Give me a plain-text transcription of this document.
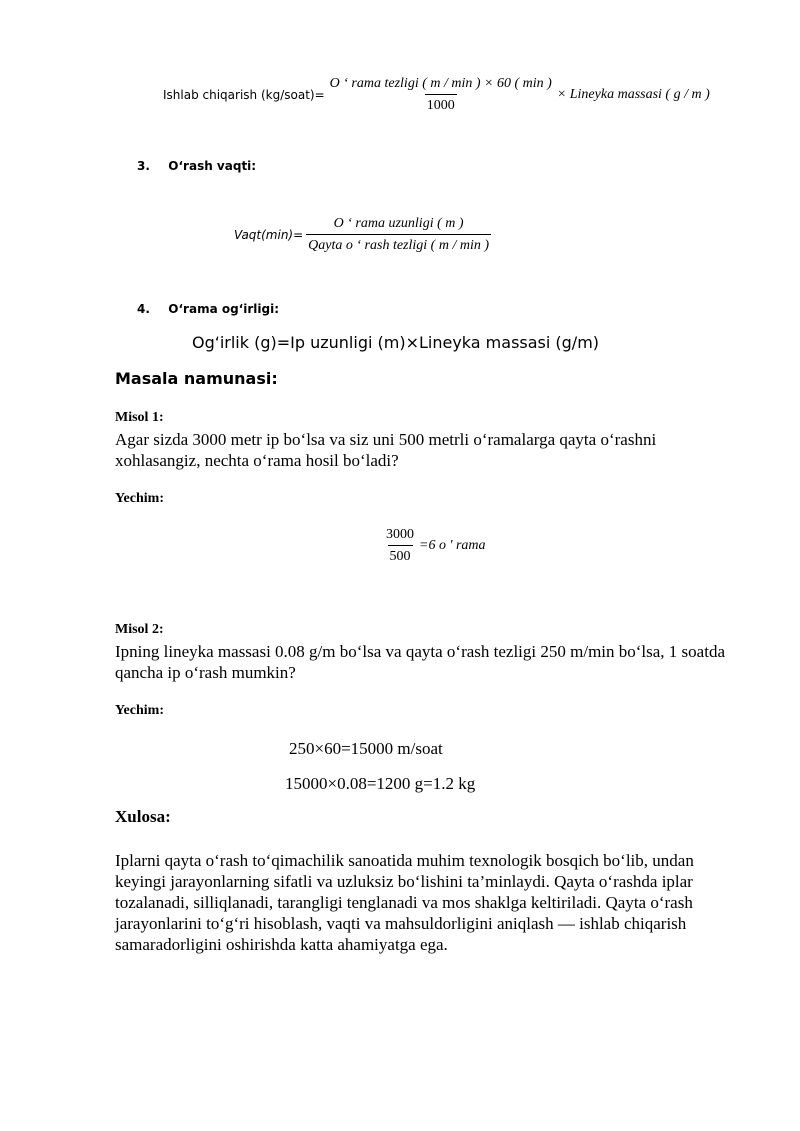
Ishlab chiqarish (kg/soat)= $\frac{\text{O ‘ rama tezligi ( m / min ) × 60 ( min )}}{1000}$ × Lineyka massasi ( g / m )
3. O‘rash vaqti:
Vaqt(min)= $\frac{\text{O ‘ rama uzunligi ( m )}}{\text{Qayta o ‘ rash tezligi ( m / min )}}$
4. O‘rama og‘irligi:
Og‘irlik (g)=Ip uzunligi (m)×Lineyka massasi (g/m)
Masala namunasi:
Misol 1:
Agar sizda 3000 metr ip bo‘lsa va siz uni 500 metrli o‘ramalarga qayta o‘rashni xohlasangiz, nechta o‘rama hosil bo‘ladi?
Yechim:
$\frac{3000}{500} =6$ o ' rama
Misol 2:
Ipning lineyka massasi 0.08 g/m bo‘lsa va qayta o‘rash tezligi 250 m/min bo‘lsa, 1 soatda qancha ip o‘rash mumkin?
Yechim:
250×60=15000 m/soat
15000×0.08=1200 g=1.2 kg
Xulosa:
Iplarni qayta o‘rash to‘qimachilik sanoatida muhim texnologik bosqich bo‘lib, undan keyingi jarayonlarning sifatli va uzluksiz bo‘lishini ta’minlaydi. Qayta o‘rashda iplar tozalanadi, silliqlanadi, tarangligi tenglanadi va mos shaklga keltiriladi. Qayta o‘rash jarayonlarini to‘g‘ri hisoblash, vaqti va mahsuldorligini aniqlash — ishlab chiqarish samaradorligini oshirishda katta ahamiyatga ega.
